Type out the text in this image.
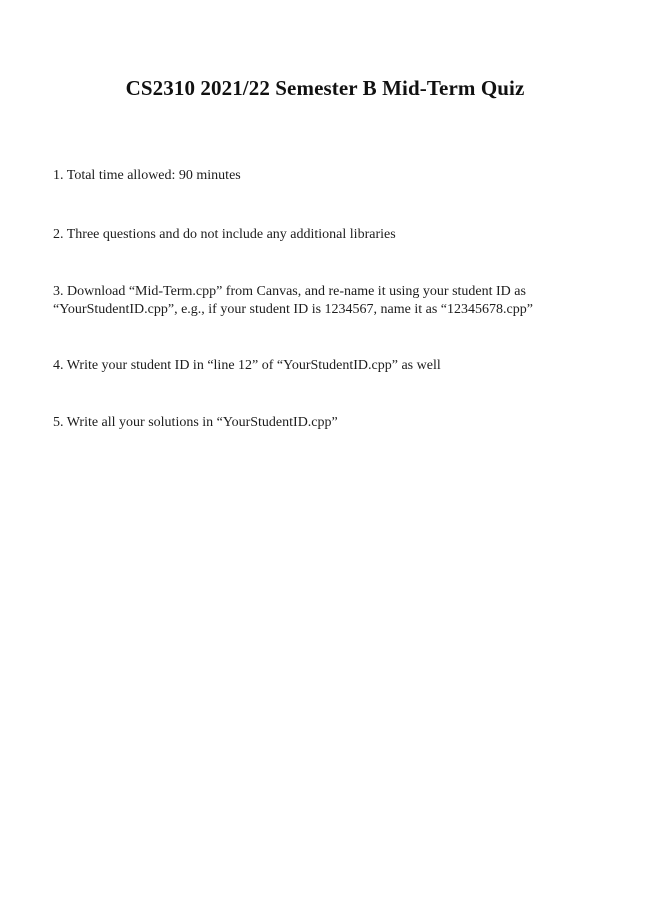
CS2310 2021/22 Semester B Mid-Term Quiz

1. Total time allowed: 90 minutes

2. Three questions and do not include any additional libraries

3. Download “Mid-Term.cpp” from Canvas, and re-name it using your student ID as
“YourStudentID.cpp”, e.g., if your student ID is 1234567, name it as “12345678.cpp”

4. Write your student ID in “line 12” of “YourStudentID.cpp” as well

5. Write all your solutions in “YourStudentID.cpp”
